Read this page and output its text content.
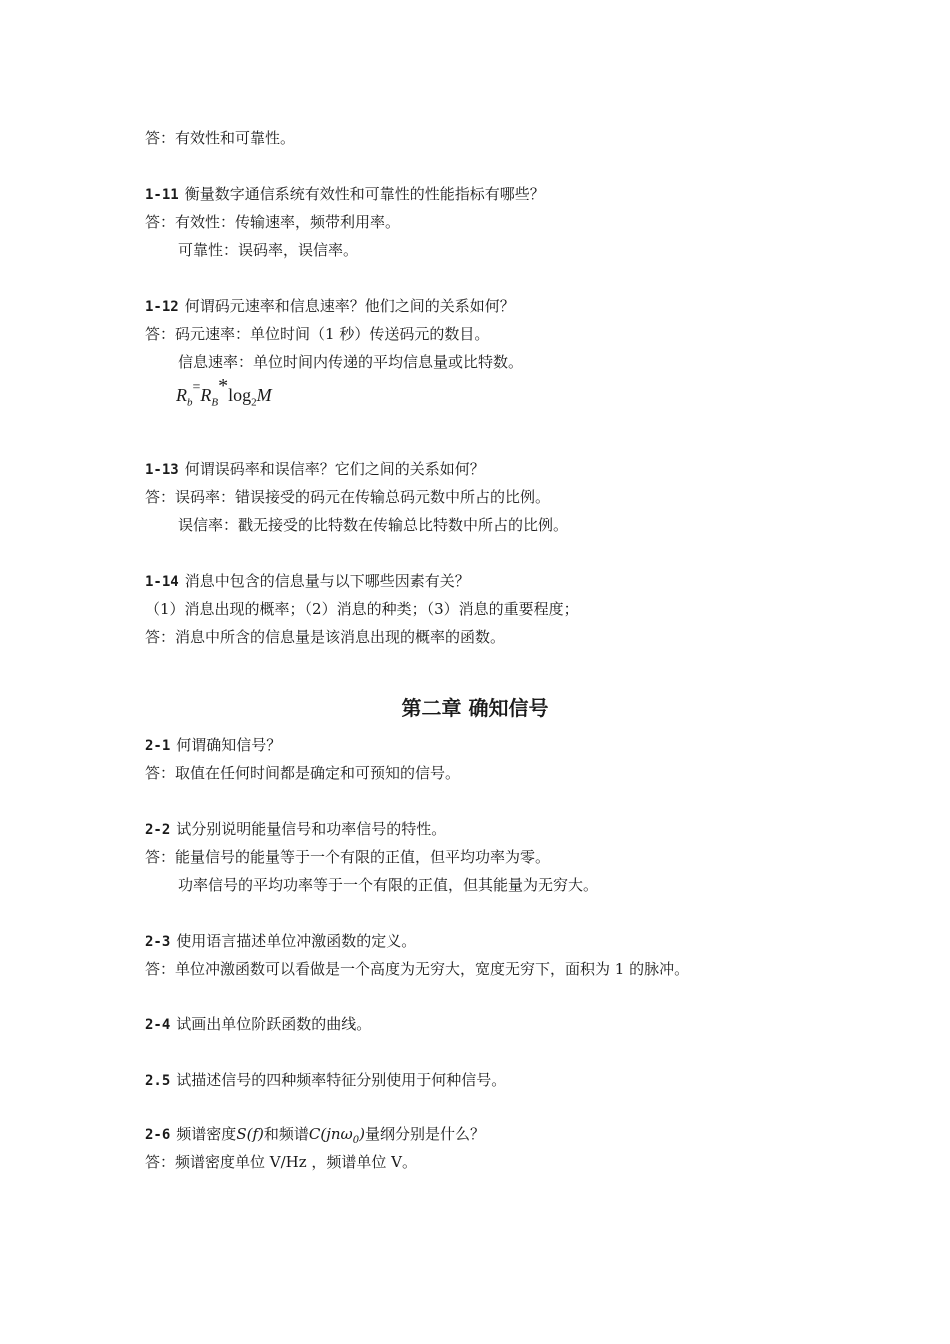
答：有效性和可靠性。
1-11 衡量数字通信系统有效性和可靠性的性能指标有哪些？
答：有效性：传输速率，频带利用率。
可靠性：误码率，误信率。
1-12 何谓码元速率和信息速率？他们之间的关系如何？
答：码元速率：单位时间（1 秒）传送码元的数目。
信息速率：单位时间内传递的平均信息量或比特数。
$R_b^=R_B*\log_2M$
1-13 何谓误码率和误信率？它们之间的关系如何？
答：误码率：错误接受的码元在传输总码元数中所占的比例。
误信率：戳无接受的比特数在传输总比特数中所占的比例。
1-14 消息中包含的信息量与以下哪些因素有关？
（1）消息出现的概率；（2）消息的种类；（3）消息的重要程度；
答：消息中所含的信息量是该消息出现的概率的函数。
第二章 确知信号
2-1 何谓确知信号？
答：取值在任何时间都是确定和可预知的信号。
2-2 试分别说明能量信号和功率信号的特性。
答：能量信号的能量等于一个有限的正值，但平均功率为零。
功率信号的平均功率等于一个有限的正值，但其能量为无穷大。
2-3 使用语言描述单位冲激函数的定义。
答：单位冲激函数可以看做是一个高度为无穷大，宽度无穷下，面积为 1 的脉冲。
2-4 试画出单位阶跃函数的曲线。
2.5 试描述信号的四种频率特征分别使用于何种信号。
2-6 频谱密度S(f)和频谱C(jnω$_0$)量纲分别是什么？
答：频谱密度单位 V/Hz ，频谱单位 V。
